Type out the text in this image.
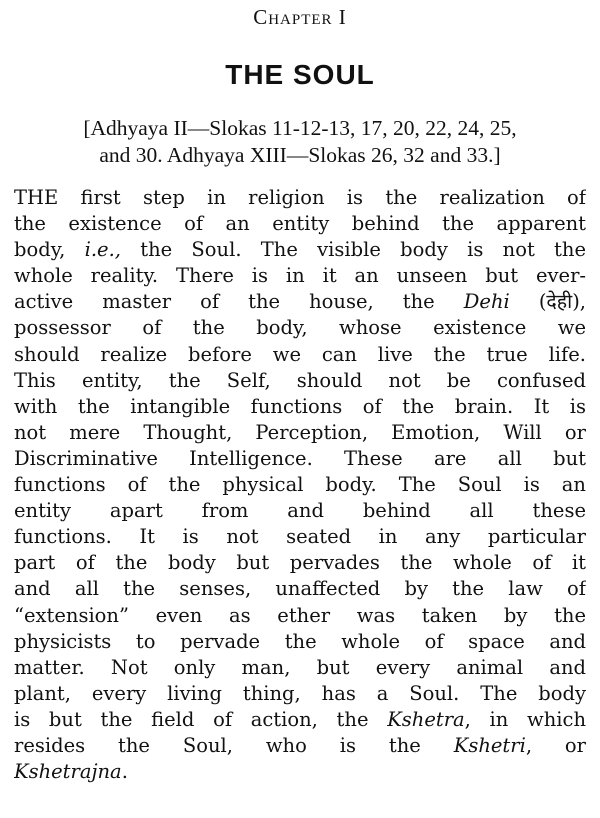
Chapter I
THE SOUL
[Adhyaya II—Slokas 11-12-13, 17, 20, 22, 24, 25,
and 30. Adhyaya XIII—Slokas 26, 32 and 33.]
THE first step in religion is the realization of
the existence of an entity behind the apparent
body, i.e., the Soul. The visible body is not the
whole reality. There is in it an unseen but ever-
active master of the house, the Dehi (देही),
possessor of the body, whose existence we
should realize before we can live the true life.
This entity, the Self, should not be confused
with the intangible functions of the brain. It is
not mere Thought, Perception, Emotion, Will or
Discriminative Intelligence. These are all but
functions of the physical body. The Soul is an
entity apart from and behind all these
functions. It is not seated in any particular
part of the body but pervades the whole of it
and all the senses, unaffected by the law of
“extension” even as ether was taken by the
physicists to pervade the whole of space and
matter. Not only man, but every animal and
plant, every living thing, has a Soul. The body
is but the field of action, the Kshetra, in which
resides the Soul, who is the Kshetri, or
Kshetrajna.
